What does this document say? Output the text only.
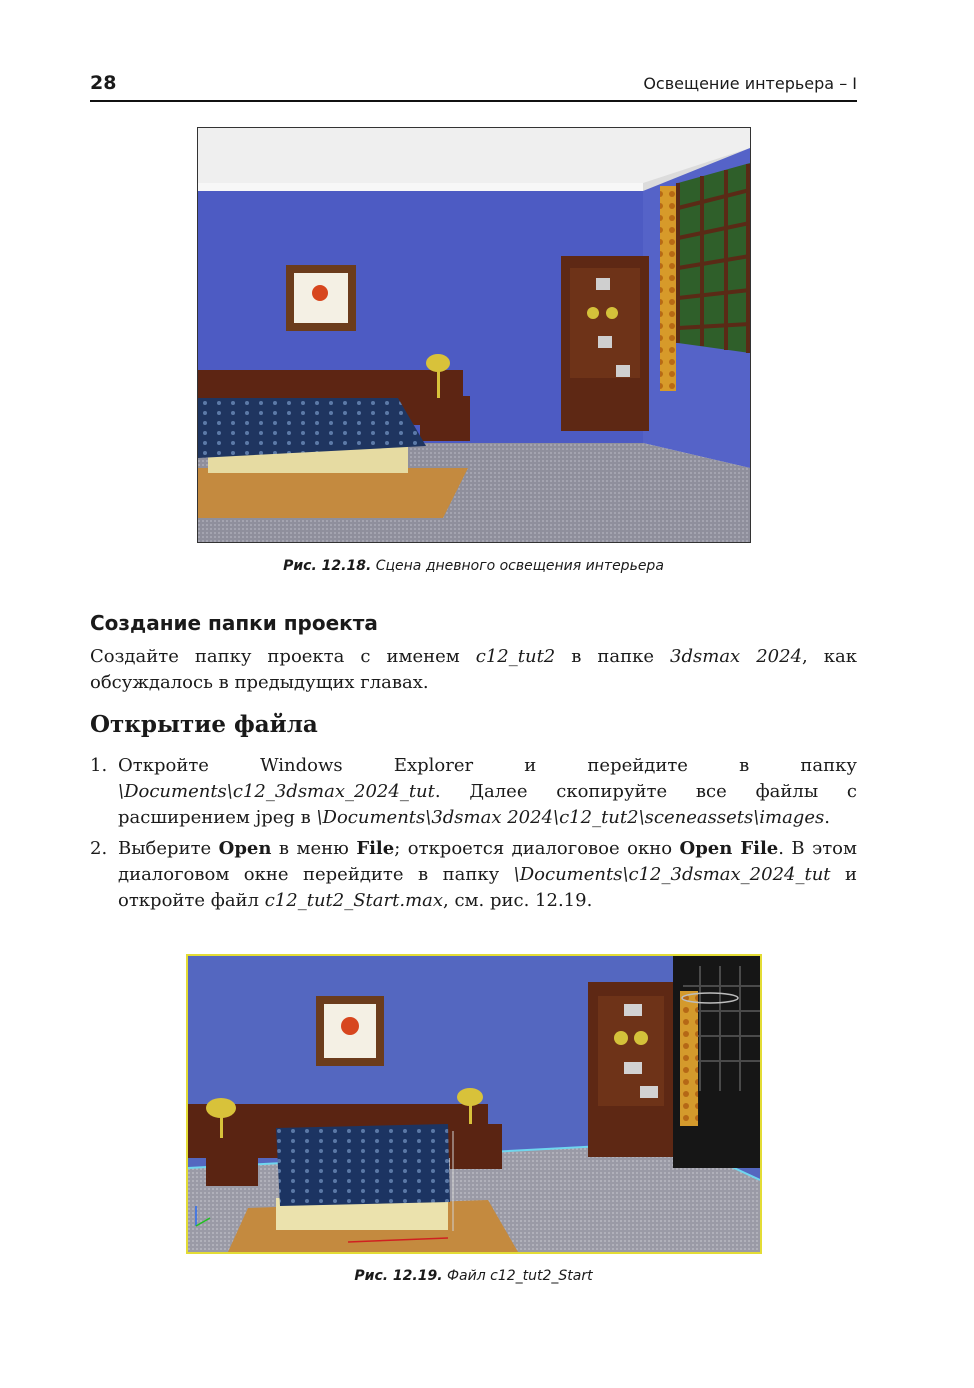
28	Освещение интерьера – I
Рис. 12.18. Сцена дневного освещения интерьера
Создание папки проекта
Создайте папку проекта с именем c12_tut2 в папке 3dsmax 2024, как обсуждалось в предыдущих главах.
Открытие файла
1. Откройте Windows Explorer и перейдите в папку \Documents\c12_3dsmax_2024_tut. Далее скопируйте все файлы с расширением jpeg в \Documents\3dsmax 2024\c12_tut2\sceneassets\images.
2. Выберите Open в меню File; откроется диалоговое окно Open File. В этом диалоговом окне перейдите в папку \Documents\c12_3dsmax_2024_tut и откройте файл c12_tut2_Start.max, см. рис. 12.19.
Рис. 12.19. Файл c12_tut2_Start
